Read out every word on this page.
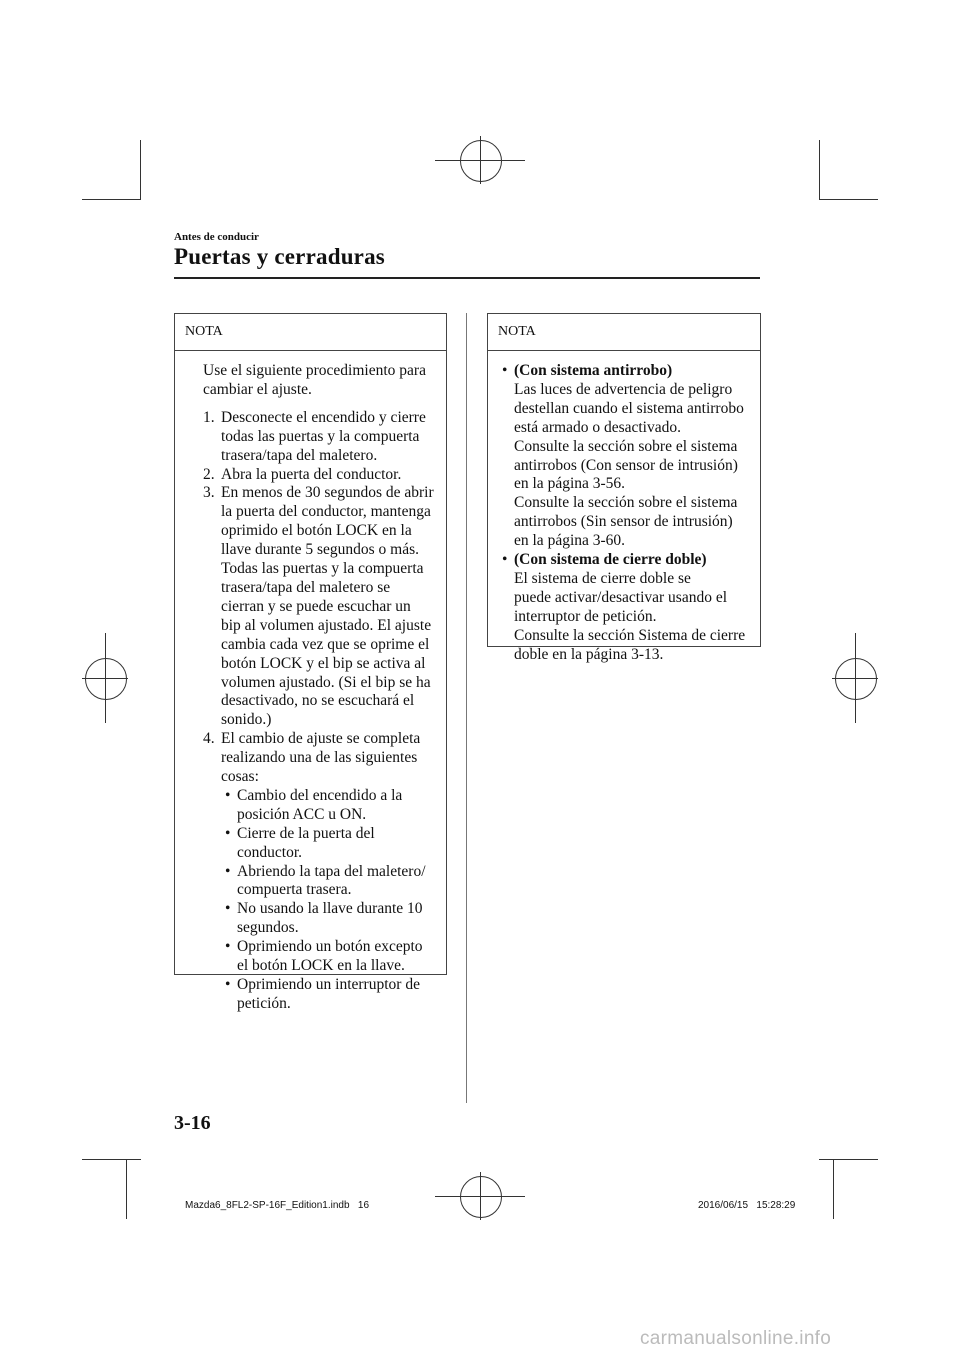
Antes de conducir
Puertas y cerraduras
NOTA
Use el siguiente procedimiento para
cambiar el ajuste.
1. Desconecte el encendido y cierre
todas las puertas y la compuerta
trasera/tapa del maletero.
2. Abra la puerta del conductor.
3. En menos de 30 segundos de abrir
la puerta del conductor, mantenga
oprimido el botón LOCK en la
llave durante 5 segundos o más.
Todas las puertas y la compuerta
trasera/tapa del maletero se
cierran y se puede escuchar un
bip al volumen ajustado. El ajuste
cambia cada vez que se oprime el
botón LOCK y el bip se activa al
volumen ajustado. (Si el bip se ha
desactivado, no se escuchará el
sonido.)
4. El cambio de ajuste se completa
realizando una de las siguientes
cosas:
• Cambio del encendido a la
posición ACC u ON.
• Cierre de la puerta del
conductor.
• Abriendo la tapa del maletero/
compuerta trasera.
• No usando la llave durante 10
segundos.
• Oprimiendo un botón excepto
el botón LOCK en la llave.
• Oprimiendo un interruptor de
petición.
NOTA
• (Con sistema antirrobo)
Las luces de advertencia de peligro
destellan cuando el sistema antirrobo
está armado o desactivado.
Consulte la sección sobre el sistema
antirrobos (Con sensor de intrusión)
en la página 3-56.
Consulte la sección sobre el sistema
antirrobos (Sin sensor de intrusión)
en la página 3-60.
• (Con sistema de cierre doble)
El sistema de cierre doble se
puede activar/desactivar usando el
interruptor de petición.
Consulte la sección Sistema de cierre
doble en la página 3-13.
3-16
Mazda6_8FL2-SP-16F_Edition1.indb   16	2016/06/15   15:28:29
carmanualsonline.info
